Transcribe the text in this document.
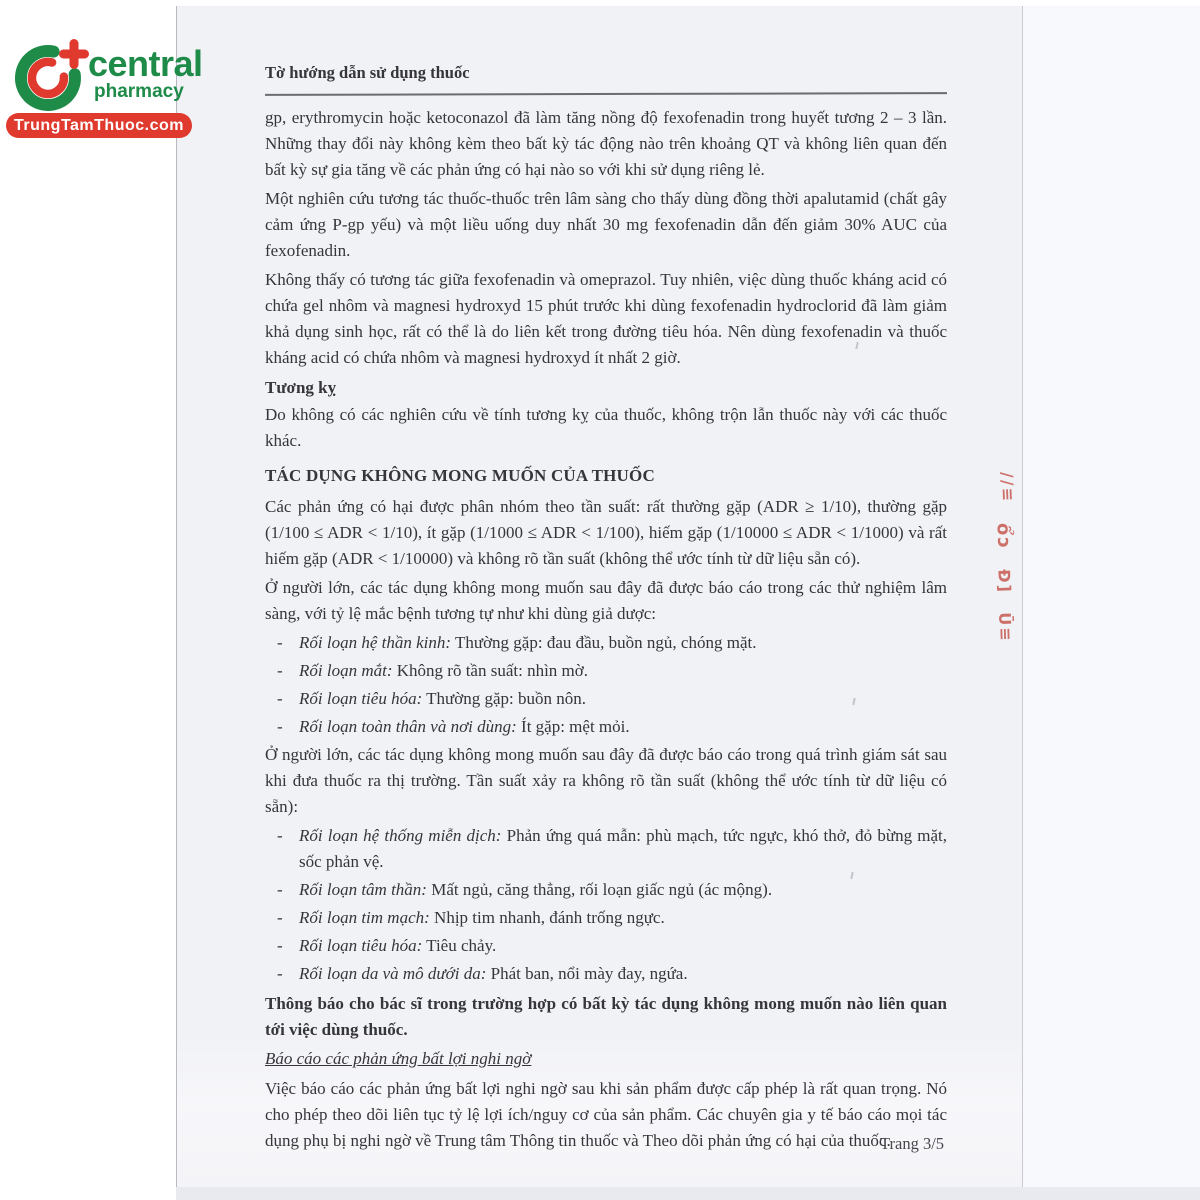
central
pharmacy
TrungTamThuoc.com
Tờ hướng dẫn sử dụng thuốc

gp, erythromycin hoặc ketoconazol đã làm tăng nồng độ fexofenadin trong huyết tương 2 – 3 lần. Những thay đổi này không kèm theo bất kỳ tác động nào trên khoảng QT và không liên quan đến bất kỳ sự gia tăng về các phản ứng có hại nào so với khi sử dụng riêng lẻ.

Một nghiên cứu tương tác thuốc-thuốc trên lâm sàng cho thấy dùng đồng thời apalutamid (chất gây cảm ứng P-gp yếu) và một liều uống duy nhất 30 mg fexofenadin dẫn đến giảm 30% AUC của fexofenadin.

Không thấy có tương tác giữa fexofenadin và omeprazol. Tuy nhiên, việc dùng thuốc kháng acid có chứa gel nhôm và magnesi hydroxyd 15 phút trước khi dùng fexofenadin hydroclorid đã làm giảm khả dụng sinh học, rất có thể là do liên kết trong đường tiêu hóa. Nên dùng fexofenadin và thuốc kháng acid có chứa nhôm và magnesi hydroxyd ít nhất 2 giờ.

Tương kỵ

Do không có các nghiên cứu về tính tương kỵ của thuốc, không trộn lẫn thuốc này với các thuốc khác.

TÁC DỤNG KHÔNG MONG MUỐN CỦA THUỐC

Các phản ứng có hại được phân nhóm theo tần suất: rất thường gặp (ADR ≥ 1/10), thường gặp (1/100 ≤ ADR < 1/10), ít gặp (1/1000 ≤ ADR < 1/100), hiếm gặp (1/10000 ≤ ADR < 1/1000) và rất hiếm gặp (ADR < 1/10000) và không rõ tần suất (không thể ước tính từ dữ liệu sẵn có).

Ở người lớn, các tác dụng không mong muốn sau đây đã được báo cáo trong các thử nghiệm lâm sàng, với tỷ lệ mắc bệnh tương tự như khi dùng giả dược:

- Rối loạn hệ thần kinh: Thường gặp: đau đầu, buồn ngủ, chóng mặt.
- Rối loạn mắt: Không rõ tần suất: nhìn mờ.
- Rối loạn tiêu hóa: Thường gặp: buồn nôn.
- Rối loạn toàn thân và nơi dùng: Ít gặp: mệt mỏi.

Ở người lớn, các tác dụng không mong muốn sau đây đã được báo cáo trong quá trình giám sát sau khi đưa thuốc ra thị trường. Tần suất xảy ra không rõ tần suất (không thể ước tính từ dữ liệu có sẵn):

- Rối loạn hệ thống miễn dịch: Phản ứng quá mẫn: phù mạch, tức ngực, khó thở, đỏ bừng mặt, sốc phản vệ.
- Rối loạn tâm thần: Mất ngủ, căng thẳng, rối loạn giấc ngủ (ác mộng).
- Rối loạn tim mạch: Nhịp tim nhanh, đánh trống ngực.
- Rối loạn tiêu hóa: Tiêu chảy.
- Rối loạn da và mô dưới da: Phát ban, nổi mày đay, ngứa.

Thông báo cho bác sĩ trong trường hợp có bất kỳ tác dụng không mong muốn nào liên quan tới việc dùng thuốc.

Báo cáo các phản ứng bất lợi nghi ngờ

Việc báo cáo các phản ứng bất lợi nghi ngờ sau khi sản phẩm được cấp phép là rất quan trọng. Nó cho phép theo dõi liên tục tỷ lệ lợi ích/nguy cơ của sản phẩm. Các chuyên gia y tế báo cáo mọi tác dụng phụ bị nghi ngờ về Trung tâm Thông tin thuốc và Theo dõi phản ứng có hại của thuốc.

//≡
ổɔ
Đ]
Ū≡
Trang 3/5
